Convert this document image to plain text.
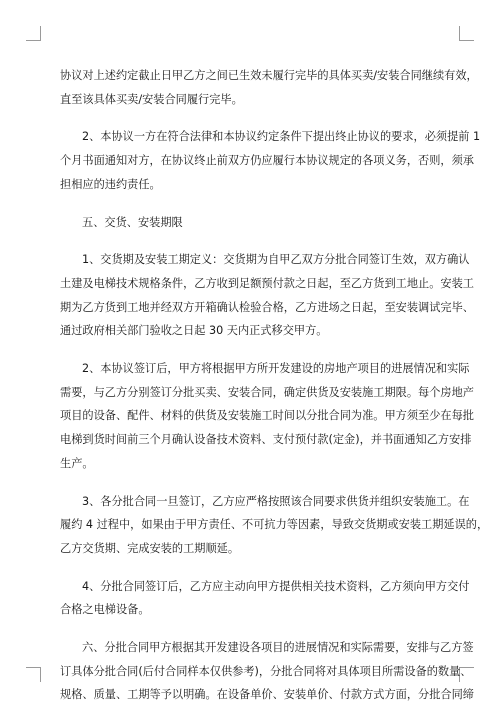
协议对上述约定截止日甲乙方之间已生效未履行完毕的具体买卖/安装合同继续有效，
直至该具体买卖/安装合同履行完毕。

2、本协议一方在符合法律和本协议约定条件下提出终止协议的要求，必须提前 1
个月书面通知对方，在协议终止前双方仍应履行本协议规定的各项义务，否则，须承
担相应的违约责任。

五、交货、安装期限

1、交货期及安装工期定义：交货期为自甲乙双方分批合同签订生效，双方确认
土建及电梯技术规格条件，乙方收到足额预付款之日起，至乙方货到工地止。安装工
期为乙方货到工地并经双方开箱确认检验合格，乙方进场之日起，至安装调试完毕、
通过政府相关部门验收之日起 30 天内正式移交甲方。

2、本协议签订后，甲方将根据甲方所开发建设的房地产项目的进展情况和实际
需要，与乙方分别签订分批买卖、安装合同，确定供货及安装施工期限。每个房地产
项目的设备、配件、材料的供货及安装施工时间以分批合同为准。甲方须至少在每批
电梯到货时间前三个月确认设备技术资料、支付预付款(定金)，并书面通知乙方安排
生产。

3、各分批合同一旦签订，乙方应严格按照该合同要求供货并组织安装施工。在
履约 4 过程中，如果由于甲方责任、不可抗力等因素，导致交货期或安装工期延误的，
乙方交货期、完成安装的工期顺延。

4、分批合同签订后，乙方应主动向甲方提供相关技术资料，乙方须向甲方交付
合格之电梯设备。

六、分批合同甲方根据其开发建设各项目的进展情况和实际需要，安排与乙方签
订具体分批合同(后付合同样本仅供参考)，分批合同将对具体项目所需设备的数量、
规格、质量、工期等予以明确。在设备单价、安装单价、付款方式方面，分批合同缔
